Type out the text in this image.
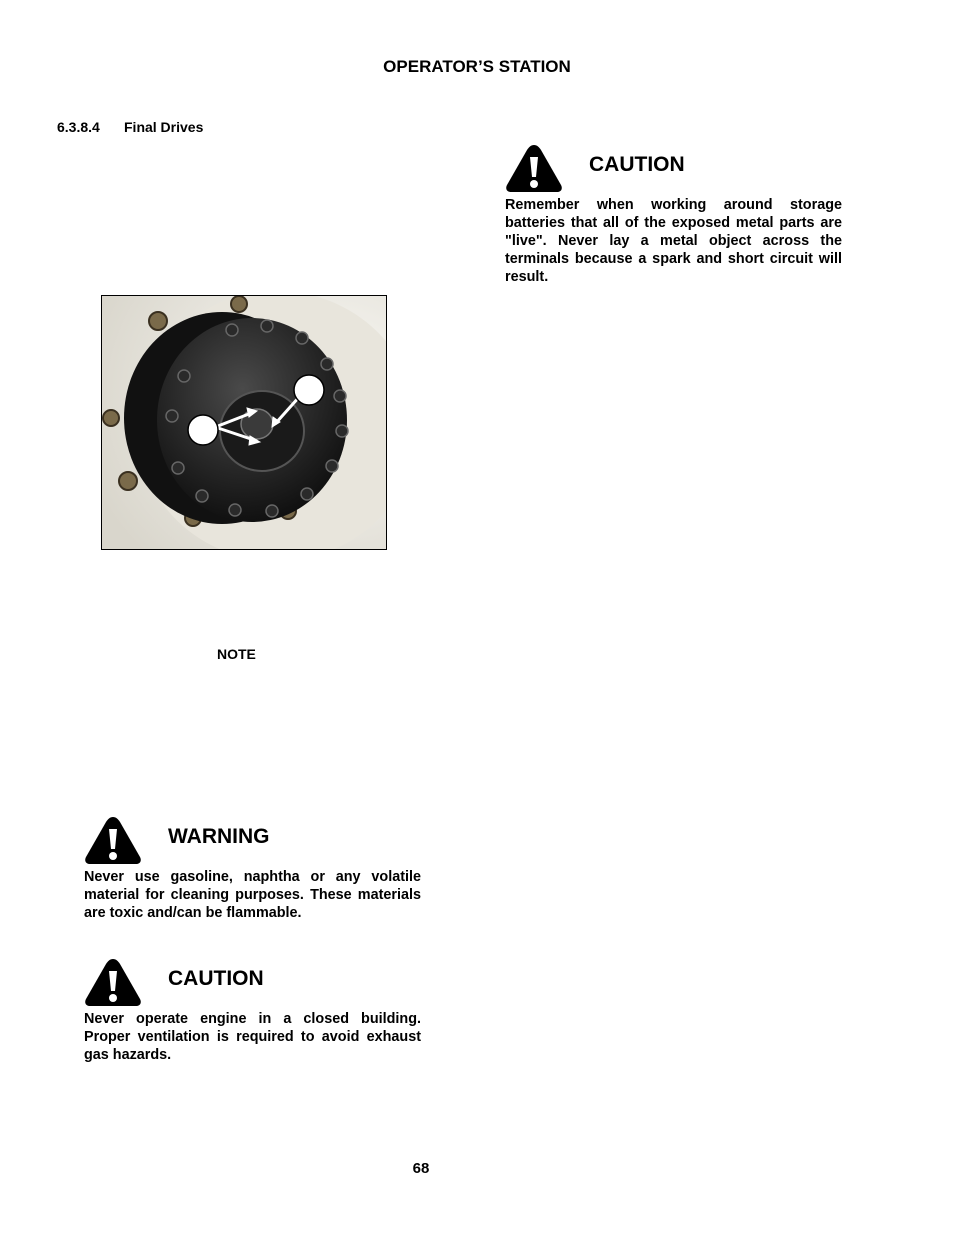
OPERATOR’S STATION
6.3.8.4 Final Drives
NOTE
CAUTION
Remember when working around storage batteries that all of the exposed metal parts are "live". Never lay a metal object across the terminals because a spark and short circuit will result.
WARNING
Never use gasoline, naphtha or any volatile material for cleaning purposes. These materials are toxic and/can be flammable.
CAUTION
Never operate engine in a closed building. Proper ventilation is required to avoid exhaust gas hazards.
68
